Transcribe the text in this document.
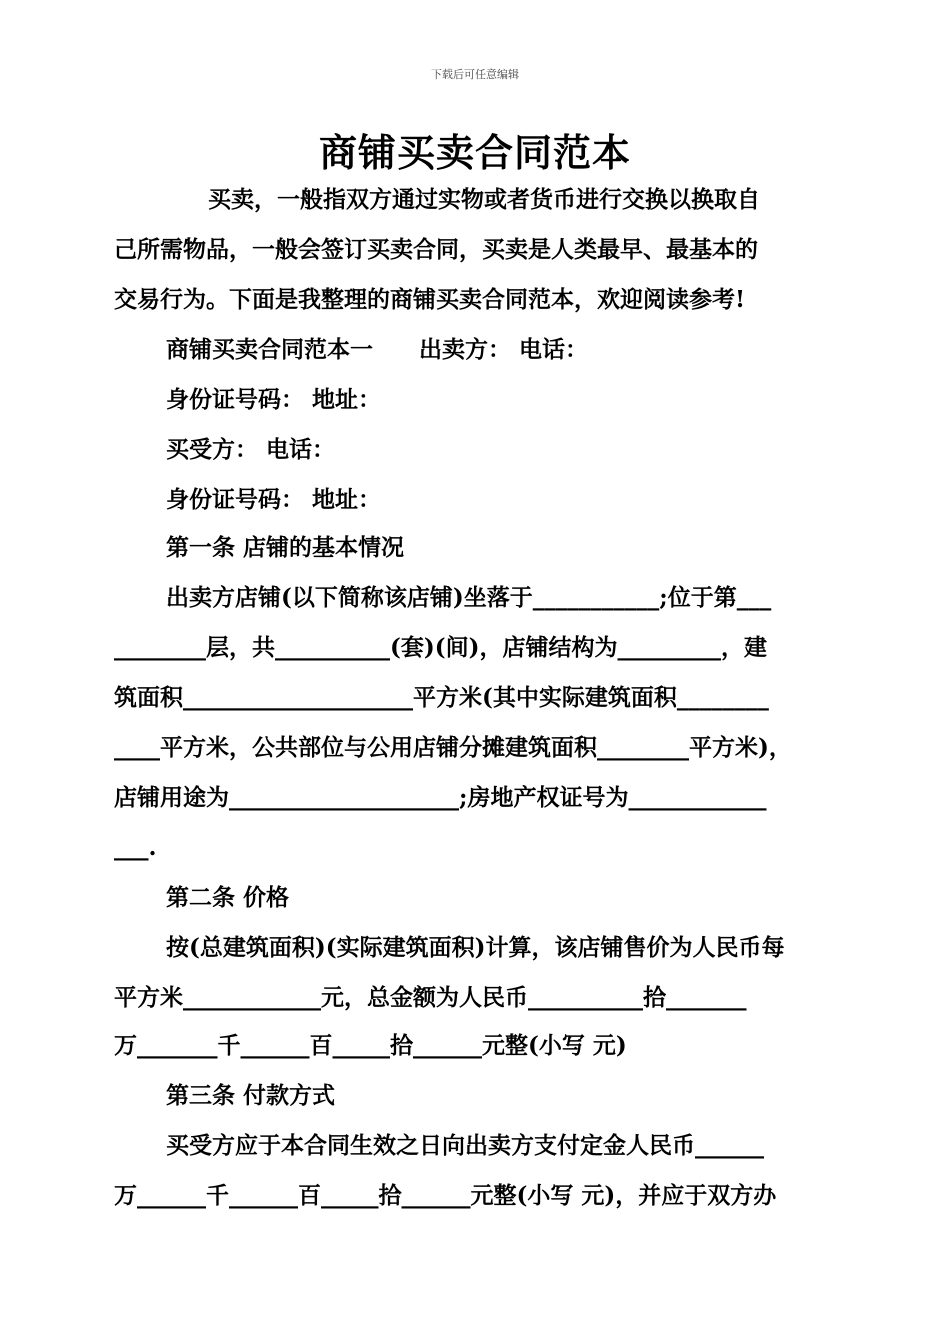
下载后可任意编辑
商铺买卖合同范本
买卖，一般指双方通过实物或者货币进行交换以换取自
己所需物品，一般会签订买卖合同，买卖是人类最早、最基本的
交易行为。下面是我整理的商铺买卖合同范本，欢迎阅读参考!
商铺买卖合同范本一　　出卖方： 电话：
身份证号码： 地址：
买受方： 电话：
身份证号码： 地址：
第一条 店铺的基本情况
出卖方店铺(以下简称该店铺)坐落于___________;位于第___
________层，共__________(套)(间)，店铺结构为_________，建
筑面积____________________平方米(其中实际建筑面积________
____平方米，公共部位与公用店铺分摊建筑面积________平方米)，
店铺用途为____________________;房地产权证号为____________
___.
第二条 价格
按(总建筑面积)(实际建筑面积)计算，该店铺售价为人民币每
平方米____________元，总金额为人民币__________拾_______
万_______千______百_____拾______元整(小写 元)
第三条 付款方式
买受方应于本合同生效之日向出卖方支付定金人民币______
万______千______百_____拾______元整(小写 元)，并应于双方办
